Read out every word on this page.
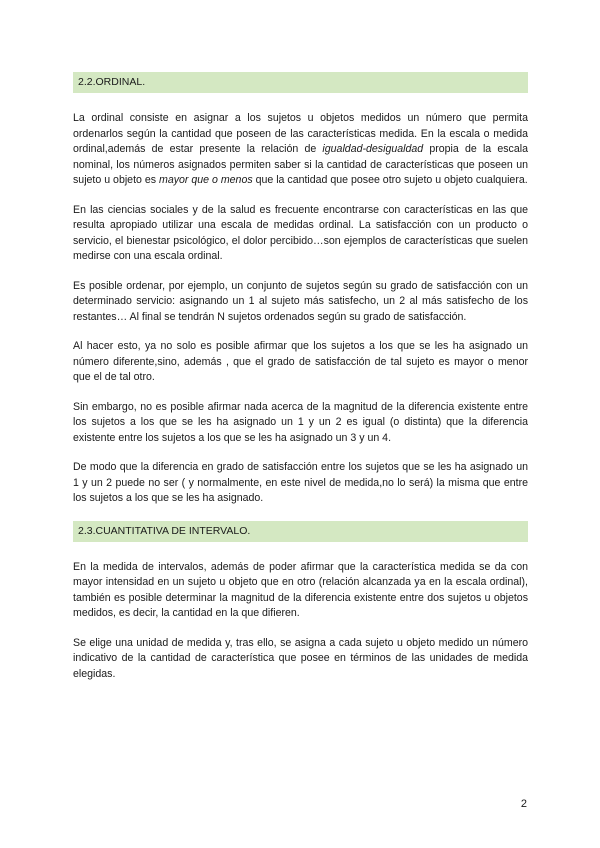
2.2.ORDINAL.

La ordinal consiste en asignar a los sujetos u objetos medidos un número que permita ordenarlos según la cantidad que poseen de las características medida. En la escala o medida ordinal,además de estar presente la relación de igualdad-desigualdad propia de la escala nominal, los números asignados permiten saber si la cantidad de características que poseen un sujeto u objeto es mayor que o menos que la cantidad que posee otro sujeto u objeto cualquiera.

En las ciencias sociales y de la salud es frecuente encontrarse con características en las que resulta apropiado utilizar una escala de medidas ordinal. La satisfacción con un producto o servicio, el bienestar psicológico, el dolor percibido…son ejemplos de características que suelen medirse con una escala ordinal.

Es posible ordenar, por ejemplo, un conjunto de sujetos según su grado de satisfacción con un determinado servicio: asignando un 1 al sujeto más satisfecho, un 2 al más satisfecho de los restantes… Al final se tendrán N sujetos ordenados según su grado de satisfacción.

Al hacer esto, ya no solo es posible afirmar que los sujetos a los que se les ha asignado un número diferente,sino, además , que el grado de satisfacción de tal sujeto es mayor o menor que el de tal otro.

Sin embargo, no es posible afirmar nada acerca de la magnitud de la diferencia existente entre los sujetos a los que se les ha asignado un 1 y un 2 es igual (o distinta) que la diferencia existente entre los sujetos a los que se les ha asignado un 3 y un 4.

De modo que la diferencia en grado de satisfacción entre los sujetos que se les ha asignado un 1 y un 2 puede no ser ( y normalmente, en este nivel de medida,no lo será) la misma que entre los sujetos a los que se les ha asignado.

2.3.CUANTITATIVA DE INTERVALO.

En la medida de intervalos, además de poder afirmar que la característica medida se da con mayor intensidad en un sujeto u objeto que en otro (relación alcanzada ya en la escala ordinal), también es posible determinar la magnitud de la diferencia existente entre dos sujetos u objetos medidos, es decir, la cantidad en la que difieren.

Se elige una unidad de medida y, tras ello, se asigna a cada sujeto u objeto medido un número indicativo de la cantidad de característica que posee en términos de las unidades de medida elegidas.

2
